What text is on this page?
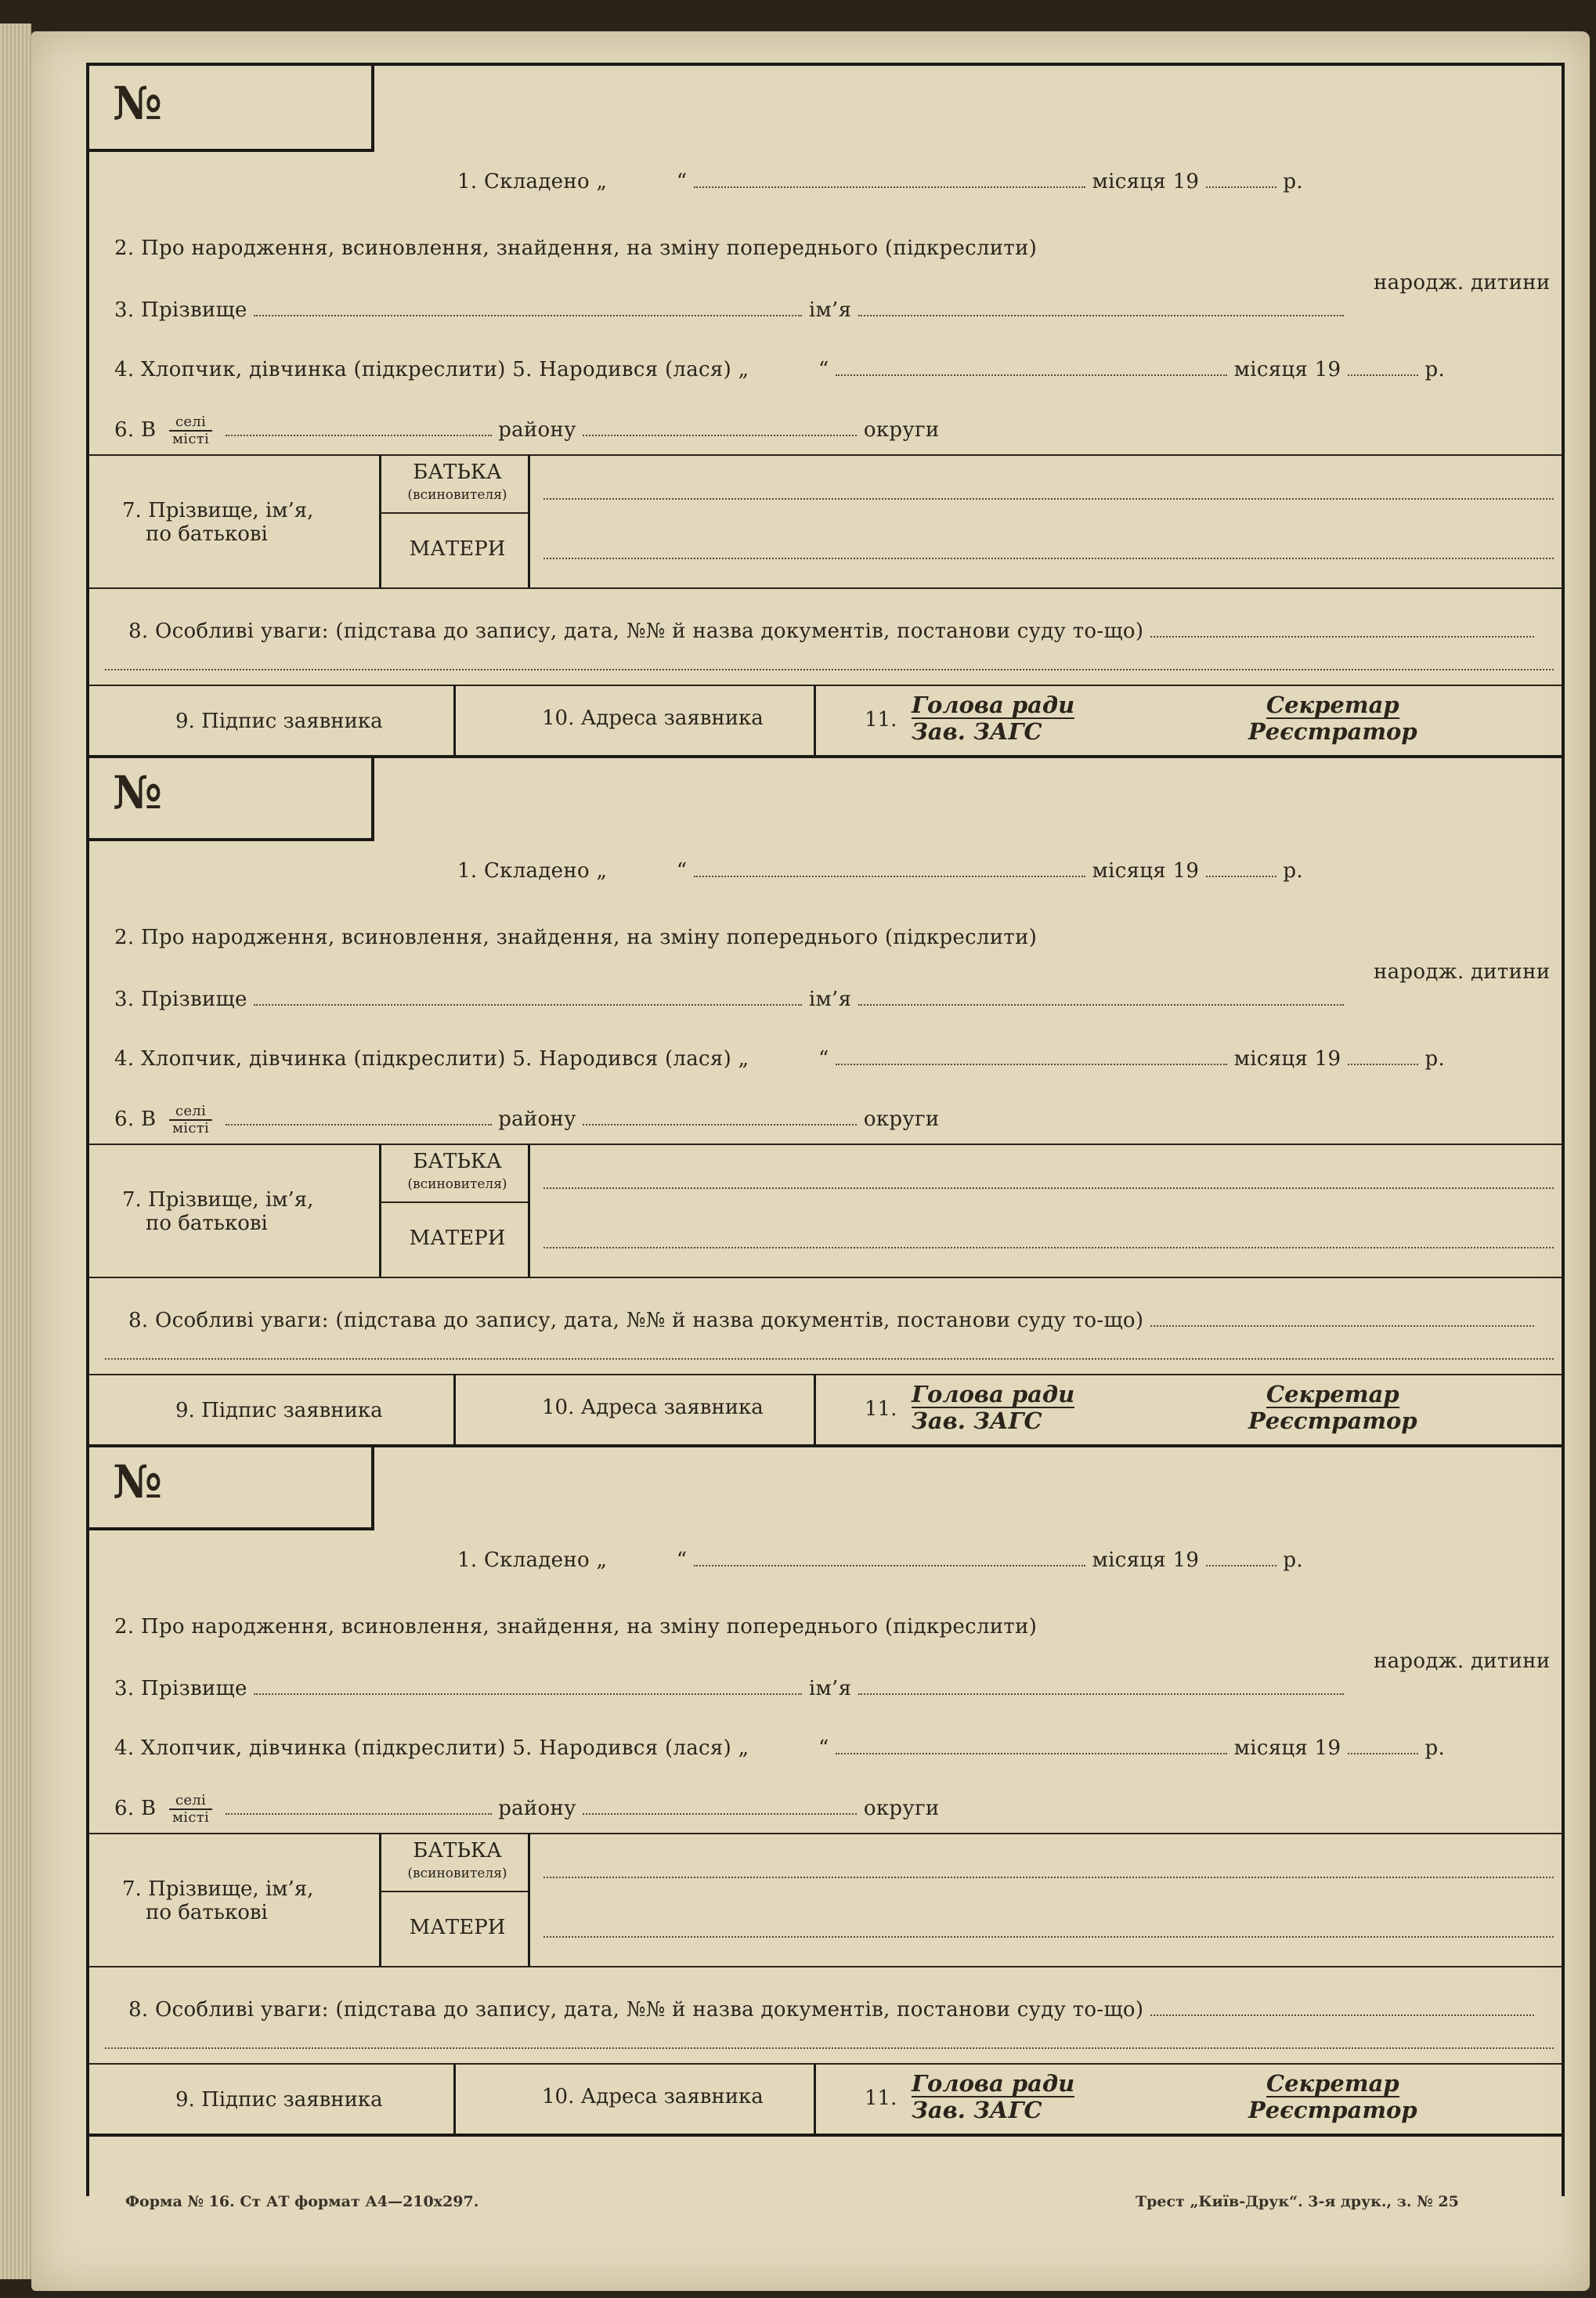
№
1. Складено „	“	місяця 19	р.
2. Про народження, всиновлення, знайдення, на зміну попереднього (підкреслити)
3. Прізвище	ім’я
народж. дитини
4. Хлопчик, дівчинка (підкреслити) 5. Народився (лася) „	“	місяця 19	р.
6. В $\frac{\text{селі}}{\text{місті}}$	району	округи
7. Прізвище, ім’я,
по батькові
БАТЬКА
(всиновителя)
МАТЕРИ
8. Особливі уваги: (підстава до запису, дата, №№ й назва документів, постанови суду то-що)
9. Підпис заявника	10. Адреса заявника	11.
Голова ради
Зав. ЗАГС
Секретар
Реєстратор
№
1. Складено „	“	місяця 19	р.
2. Про народження, всиновлення, знайдення, на зміну попереднього (підкреслити)
3. Прізвище	ім’я
народж. дитини
4. Хлопчик, дівчинка (підкреслити) 5. Народився (лася) „	“	місяця 19	р.
6. В $\frac{\text{селі}}{\text{місті}}$	району	округи
7. Прізвище, ім’я,
по батькові
БАТЬКА
(всиновителя)
МАТЕРИ
8. Особливі уваги: (підстава до запису, дата, №№ й назва документів, постанови суду то-що)
9. Підпис заявника	10. Адреса заявника	11.
Голова ради
Зав. ЗАГС
Секретар
Реєстратор
№
1. Складено „	“	місяця 19	р.
2. Про народження, всиновлення, знайдення, на зміну попереднього (підкреслити)
3. Прізвище	ім’я
народж. дитини
4. Хлопчик, дівчинка (підкреслити) 5. Народився (лася) „	“	місяця 19	р.
6. В $\frac{\text{селі}}{\text{місті}}$	району	округи
7. Прізвище, ім’я,
по батькові
БАТЬКА
(всиновителя)
МАТЕРИ
8. Особливі уваги: (підстава до запису, дата, №№ й назва документів, постанови суду то-що)
9. Підпис заявника	10. Адреса заявника	11.
Голова ради
Зав. ЗАГС
Секретар
Реєстратор
Форма № 16. Ст АТ формат А4—210x297.	Трест „Київ-Друк“. 3-я друк., з. № 25
